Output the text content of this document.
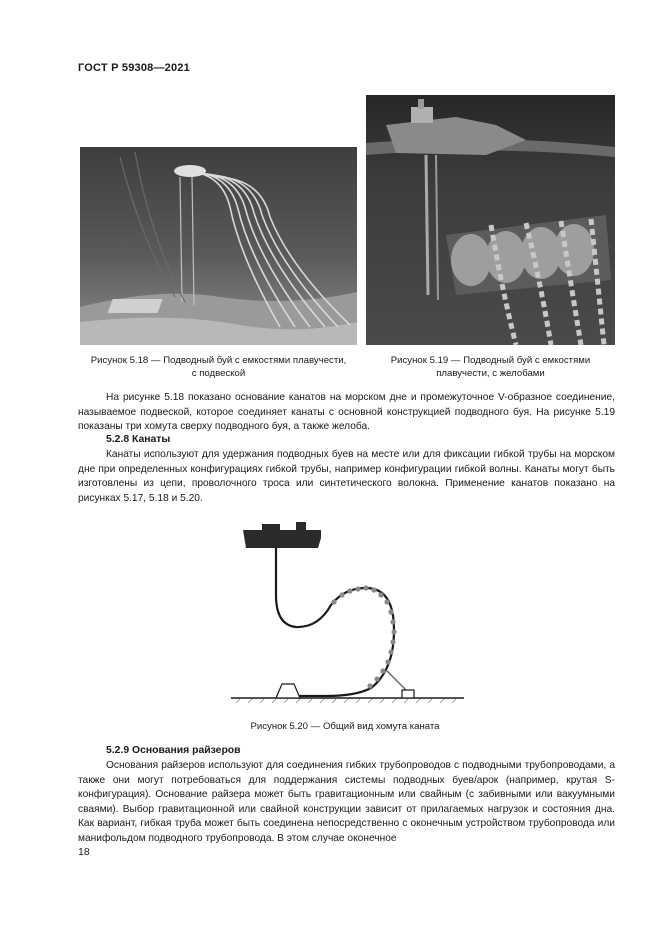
ГОСТ Р 59308—2021
Рисунок 5.18 — Подводный буй с емкостями плавучести,
с подвеской
Рисунок 5.19 — Подводный буй с емкостями
плавучести, с желобами

На рисунке 5.18 показано основание канатов на морском дне и промежуточное V-образное соединение, называемое подвеской, которое соединяет канаты с основной конструкцией подводного буя. На рисунке 5.19 показаны три хомута сверху подводного буя, а также желоба.

5.2.8 Канаты

Канаты используют для удержания подводных буев на месте или для фиксации гибкой трубы на морском дне при определенных конфигурациях гибкой трубы, например конфигурации гибкой волны. Канаты могут быть изготовлены из цепи, проволочного троса или синтетического волокна. Применение канатов показано на рисунках 5.17, 5.18 и 5.20.

Рисунок 5.20 — Общий вид хомута каната
5.2.9 Основания райзеров

Основания райзеров используют для соединения гибких трубопроводов с подводными трубопроводами, а также они могут потребоваться для поддержания системы подводных буев/арок (например, крутая S-конфигурация). Основание райзера может быть гравитационным или свайным (с забивными или вакуумными сваями). Выбор гравитационной или свайной конструкции зависит от прилагаемых нагрузок и состояния дна. Как вариант, гибкая труба может быть соединена непосредственно с оконечным устройством трубопровода или манифольдом подводного трубопровода. В этом случае оконечное

18
